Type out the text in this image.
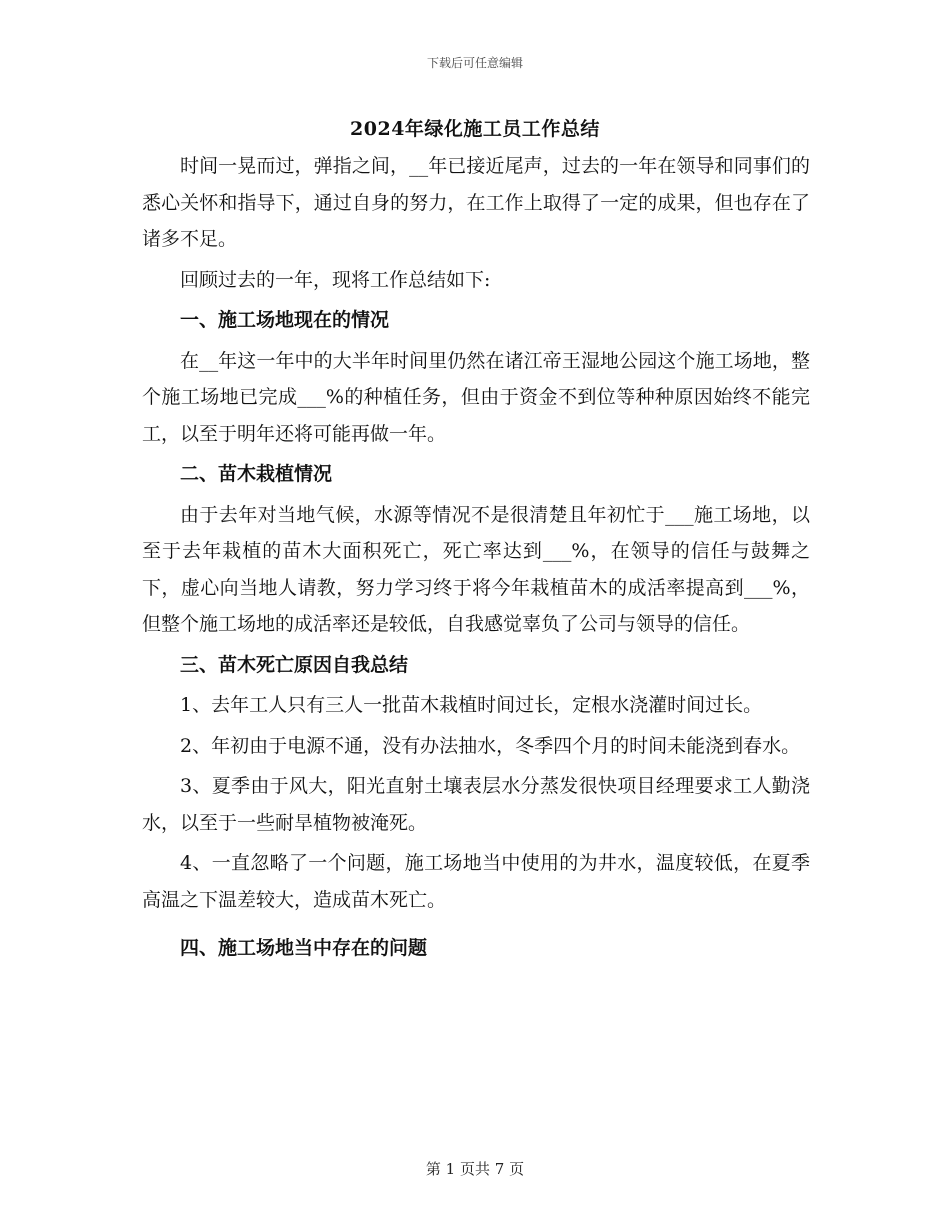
下载后可任意编辑
2024年绿化施工员工作总结

时间一晃而过，弹指之间，__年已接近尾声，过去的一年在领导和同事们的悉心关怀和指导下，通过自身的努力，在工作上取得了一定的成果，但也存在了诸多不足。

回顾过去的一年，现将工作总结如下:

一、施工场地现在的情况

在__年这一年中的大半年时间里仍然在诸江帝王湿地公园这个施工场地，整个施工场地已完成___%的种植任务，但由于资金不到位等种种原因始终不能完工，以至于明年还将可能再做一年。

二、苗木栽植情况

由于去年对当地气候，水源等情况不是很清楚且年初忙于___施工场地，以至于去年栽植的苗木大面积死亡，死亡率达到___%，在领导的信任与鼓舞之下，虚心向当地人请教，努力学习终于将今年栽植苗木的成活率提高到___%，但整个施工场地的成活率还是较低，自我感觉辜负了公司与领导的信任。

三、苗木死亡原因自我总结

1、去年工人只有三人一批苗木栽植时间过长，定根水浇灌时间过长。

2、年初由于电源不通，没有办法抽水，冬季四个月的时间未能浇到春水。

3、夏季由于风大，阳光直射土壤表层水分蒸发很快项目经理要求工人勤浇水，以至于一些耐旱植物被淹死。

4、一直忽略了一个问题，施工场地当中使用的为井水，温度较低，在夏季高温之下温差较大，造成苗木死亡。

四、施工场地当中存在的问题

第 1 页共 7 页
